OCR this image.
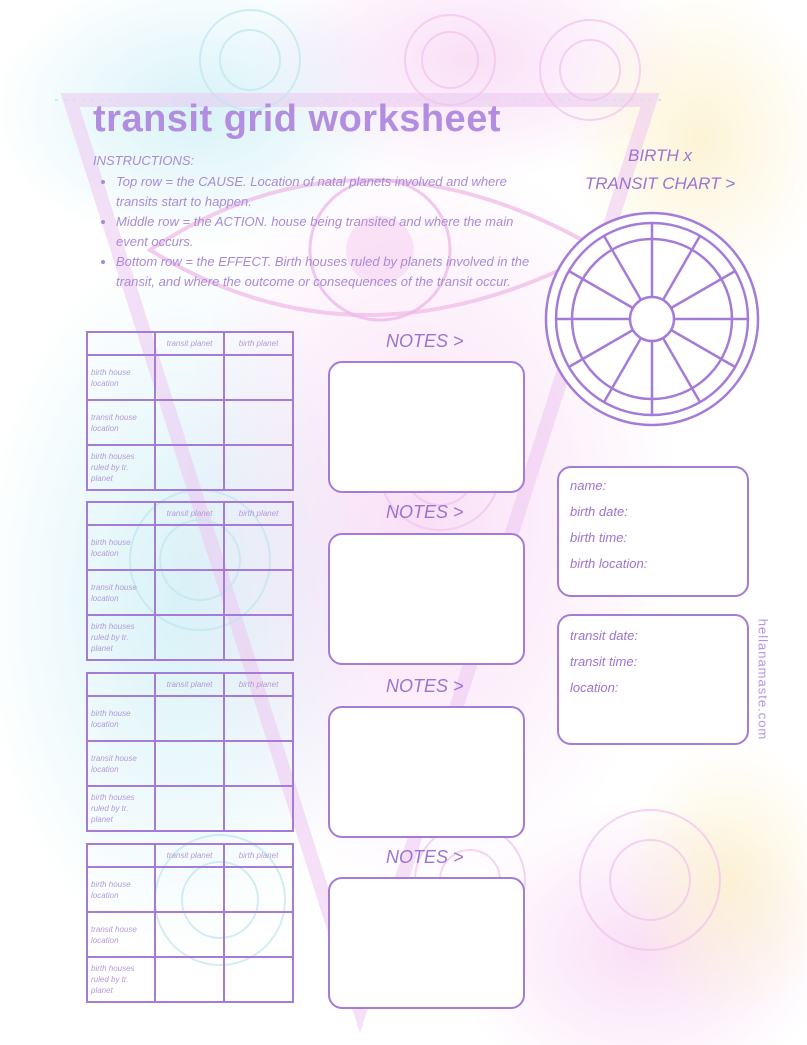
transit grid worksheet
INSTRUCTIONS:
• Top row = the CAUSE. Location of natal planets involved and where transits start to happen.
• Middle row = the ACTION. house being transited and where the main event occurs.
• Bottom row = the EFFECT. Birth houses ruled by planets involved in the transit, and where the outcome or consequences of the transit occur.
BIRTH x
TRANSIT CHART >
	transit planet	birth planet
birth house location		
transit house location		
birth houses ruled by tr. planet		
	transit planet	birth planet
birth house location		
transit house location		
birth houses ruled by tr. planet		
	transit planet	birth planet
birth house location		
transit house location		
birth houses ruled by tr. planet		
	transit planet	birth planet
birth house location		
transit house location		
birth houses ruled by tr. planet		
NOTES >
NOTES >
NOTES >
NOTES >
name:
birth date:
birth time:
birth location:
transit date:
transit time:
location:	hellanamaste.com
